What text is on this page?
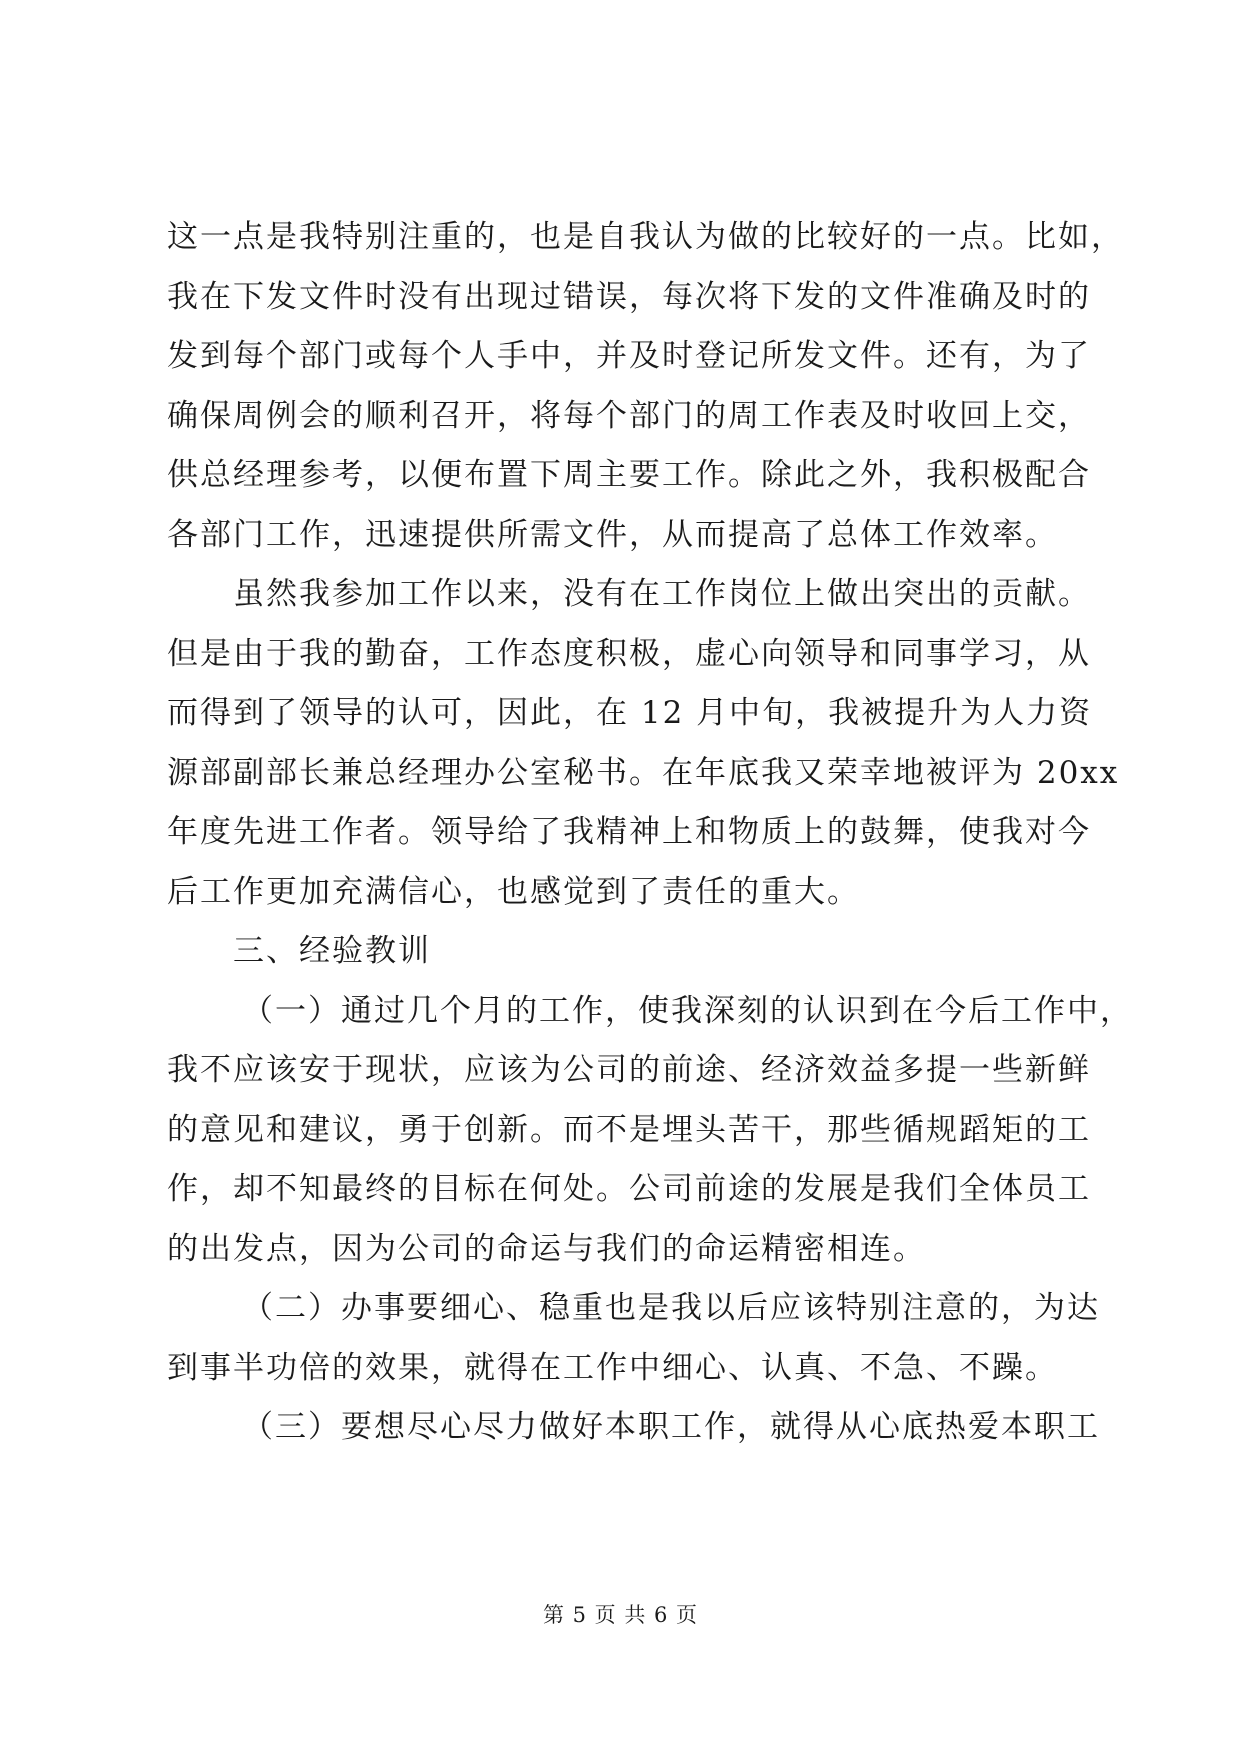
这一点是我特别注重的，也是自我认为做的比较好的一点。比如，
我在下发文件时没有出现过错误，每次将下发的文件准确及时的
发到每个部门或每个人手中，并及时登记所发文件。还有，为了
确保周例会的顺利召开，将每个部门的周工作表及时收回上交，
供总经理参考，以便布置下周主要工作。除此之外，我积极配合
各部门工作，迅速提供所需文件，从而提高了总体工作效率。
虽然我参加工作以来，没有在工作岗位上做出突出的贡献。
但是由于我的勤奋，工作态度积极，虚心向领导和同事学习，从
而得到了领导的认可，因此，在 12 月中旬，我被提升为人力资
源部副部长兼总经理办公室秘书。在年底我又荣幸地被评为 20xx
年度先进工作者。领导给了我精神上和物质上的鼓舞，使我对今
后工作更加充满信心，也感觉到了责任的重大。
三、经验教训
（一）通过几个月的工作，使我深刻的认识到在今后工作中，
我不应该安于现状，应该为公司的前途、经济效益多提一些新鲜
的意见和建议，勇于创新。而不是埋头苦干，那些循规蹈矩的工
作，却不知最终的目标在何处。公司前途的发展是我们全体员工
的出发点，因为公司的命运与我们的命运精密相连。
（二）办事要细心、稳重也是我以后应该特别注意的，为达
到事半功倍的效果，就得在工作中细心、认真、不急、不躁。
（三）要想尽心尽力做好本职工作，就得从心底热爱本职工
第 5 页 共 6 页
